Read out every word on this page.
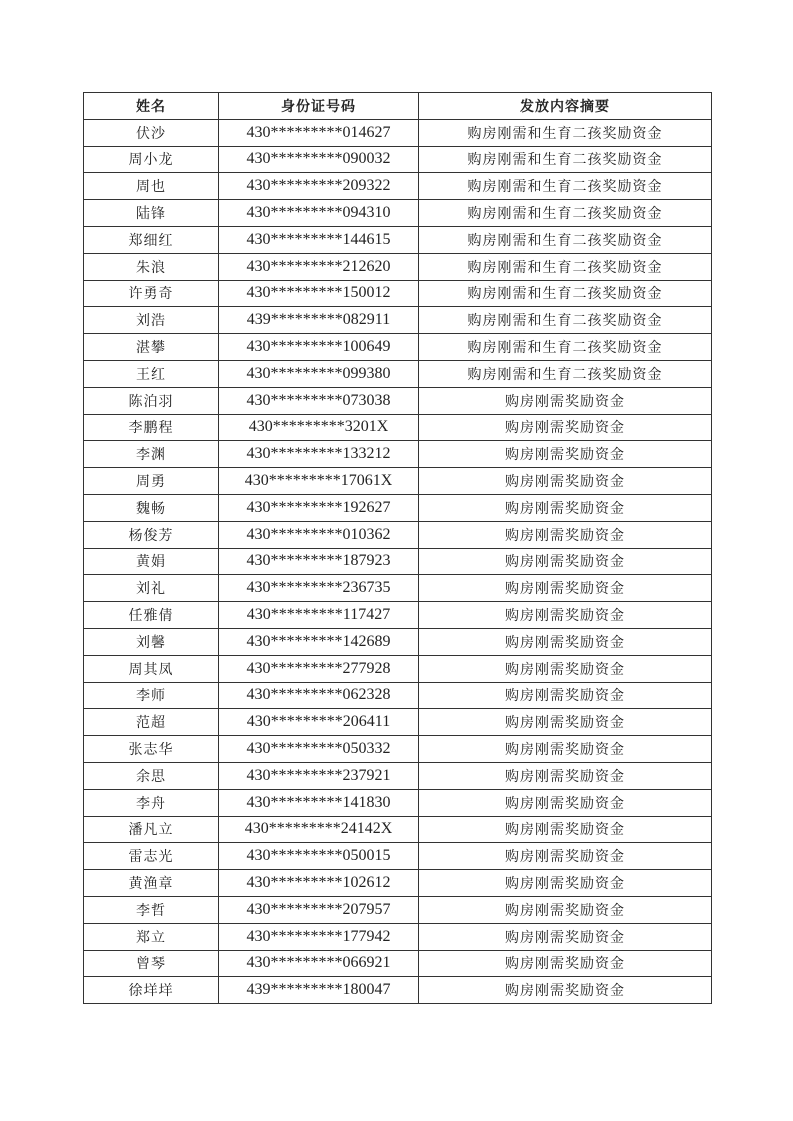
姓名	身份证号码	发放内容摘要
伏沙	430*********014627	购房刚需和生育二孩奖励资金
周小龙	430*********090032	购房刚需和生育二孩奖励资金
周也	430*********209322	购房刚需和生育二孩奖励资金
陆锋	430*********094310	购房刚需和生育二孩奖励资金
郑细红	430*********144615	购房刚需和生育二孩奖励资金
朱浪	430*********212620	购房刚需和生育二孩奖励资金
许勇奇	430*********150012	购房刚需和生育二孩奖励资金
刘浩	439*********082911	购房刚需和生育二孩奖励资金
湛攀	430*********100649	购房刚需和生育二孩奖励资金
王红	430*********099380	购房刚需和生育二孩奖励资金
陈泊羽	430*********073038	购房刚需奖励资金
李鹏程	430*********3201X	购房刚需奖励资金
李渊	430*********133212	购房刚需奖励资金
周勇	430*********17061X	购房刚需奖励资金
魏畅	430*********192627	购房刚需奖励资金
杨俊芳	430*********010362	购房刚需奖励资金
黄娟	430*********187923	购房刚需奖励资金
刘礼	430*********236735	购房刚需奖励资金
任雅倩	430*********117427	购房刚需奖励资金
刘馨	430*********142689	购房刚需奖励资金
周其凤	430*********277928	购房刚需奖励资金
李师	430*********062328	购房刚需奖励资金
范超	430*********206411	购房刚需奖励资金
张志华	430*********050332	购房刚需奖励资金
余思	430*********237921	购房刚需奖励资金
李舟	430*********141830	购房刚需奖励资金
潘凡立	430*********24142X	购房刚需奖励资金
雷志光	430*********050015	购房刚需奖励资金
黄渔章	430*********102612	购房刚需奖励资金
李哲	430*********207957	购房刚需奖励资金
郑立	430*********177942	购房刚需奖励资金
曾琴	430*********066921	购房刚需奖励资金
徐垟垟	439*********180047	购房刚需奖励资金
